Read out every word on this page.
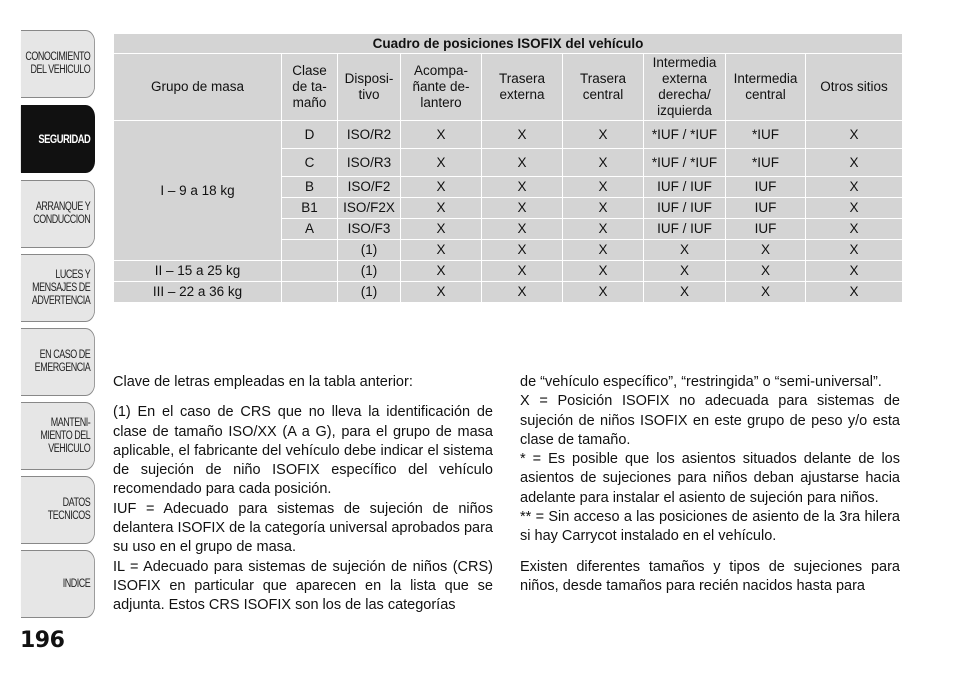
CONOCIMIENTO
DEL VEHICULO
SEGURIDAD
ARRANQUE Y
CONDUCCION
LUCES Y
MENSAJES DE
ADVERTENCIA
EN CASO DE
EMERGENCIA
MANTENI-
MIENTO DEL
VEHICULO
DATOS
TECNICOS
INDICE
196
Cuadro de posiciones ISOFIX del vehículo								
Grupo de masa	Clase de ta-maño	Disposi-tivo	Acompa-ñante de-lantero	Trasera externa	Trasera central	Intermedia externa derecha/ izquierda	Intermedia central	Otros sitios
I – 9 a 18 kg	D	ISO/R2	X	X	X	*IUF / *IUF	*IUF	X
	C	ISO/R3	X	X	X	*IUF / *IUF	*IUF	X
	B	ISO/F2	X	X	X	IUF / IUF	IUF	X
	B1	ISO/F2X	X	X	X	IUF / IUF	IUF	X
	A	ISO/F3	X	X	X	IUF / IUF	IUF	X
		(1)	X	X	X	X	X	X
II – 15 a 25 kg		(1)	X	X	X	X	X	X
III – 22 a 36 kg		(1)	X	X	X	X	X	X

Clave de letras empleadas en la tabla anterior:

(1) En el caso de CRS que no lleva la identificación de clase de tamaño ISO/XX (A a G), para el grupo de masa aplicable, el fabricante del vehículo debe indicar el sistema de sujeción de niño ISOFIX específico del vehículo recomendado para cada posición.

IUF = Adecuado para sistemas de sujeción de niños delantera ISOFIX de la categoría universal aprobados para su uso en el grupo de masa.

IL = Adecuado para sistemas de sujeción de niños (CRS) ISOFIX en particular que aparecen en la lista que se adjunta. Estos CRS ISOFIX son los de las categorías

de “vehículo específico”, “restringida” o “semi-universal”.

X = Posición ISOFIX no adecuada para sistemas de sujeción de niños ISOFIX en este grupo de peso y/o esta clase de tamaño.

* = Es posible que los asientos situados delante de los asientos de sujeciones para niños deban ajustarse hacia adelante para instalar el asiento de sujeción para niños.

** = Sin acceso a las posiciones de asiento de la 3ra hilera si hay Carrycot instalado en el vehículo.

Existen diferentes tamaños y tipos de sujeciones para niños, desde tamaños para recién nacidos hasta para
